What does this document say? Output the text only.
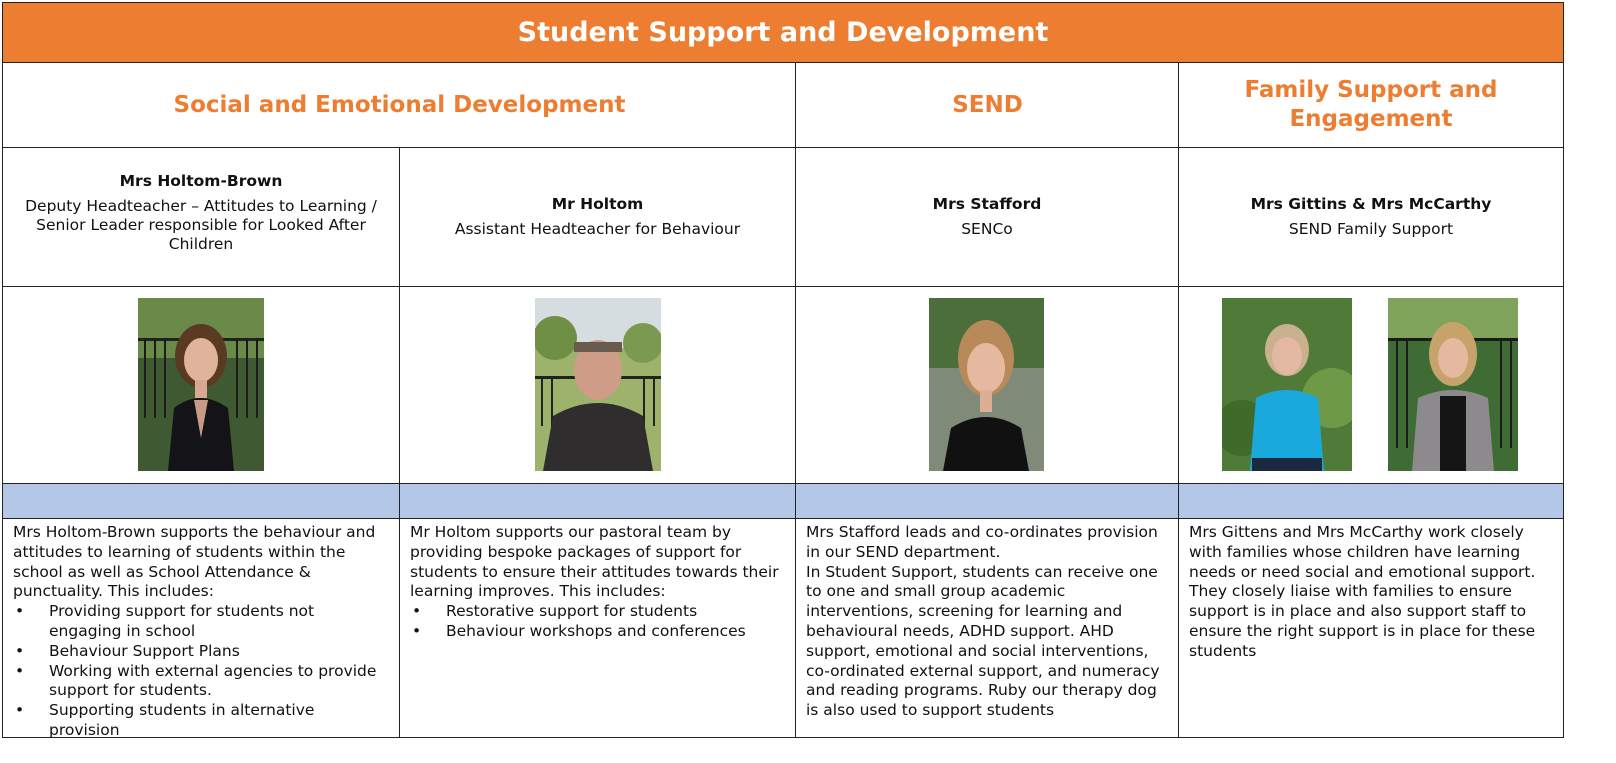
Student Support and Development
Social and Emotional Development	SEND
Family Support and Engagement
Mrs Holtom-Brown
Deputy Headteacher – Attitudes to Learning / Senior Leader responsible for Looked After Children
Mr Holtom
Assistant Headteacher for Behaviour
Mrs Stafford
SENCo
Mrs Gittins & Mrs McCarthy
SEND Family Support

Mrs Holtom-Brown supports the behaviour and attitudes to learning of students within the school as well as School Attendance & punctuality. This includes:

• Providing support for students not engaging in school
• Behaviour Support Plans
• Working with external agencies to provide support for students.
• Supporting students in alternative provision

Mr Holtom supports our pastoral team by providing bespoke packages of support for students to ensure their attitudes towards their learning improves. This includes:

• Restorative support for students
• Behaviour workshops and conferences

Mrs Stafford leads and co-ordinates provision in our SEND department.

In Student Support, students can receive one to one and small group academic interventions, screening for learning and behavioural needs, ADHD support. AHD support, emotional and social interventions, co-ordinated external support, and numeracy and reading programs. Ruby our therapy dog is also used to support students

Mrs Gittens and Mrs McCarthy work closely with families whose children have learning needs or need social and emotional support. They closely liaise with families to ensure support is in place and also support staff to ensure the right support is in place for these students
